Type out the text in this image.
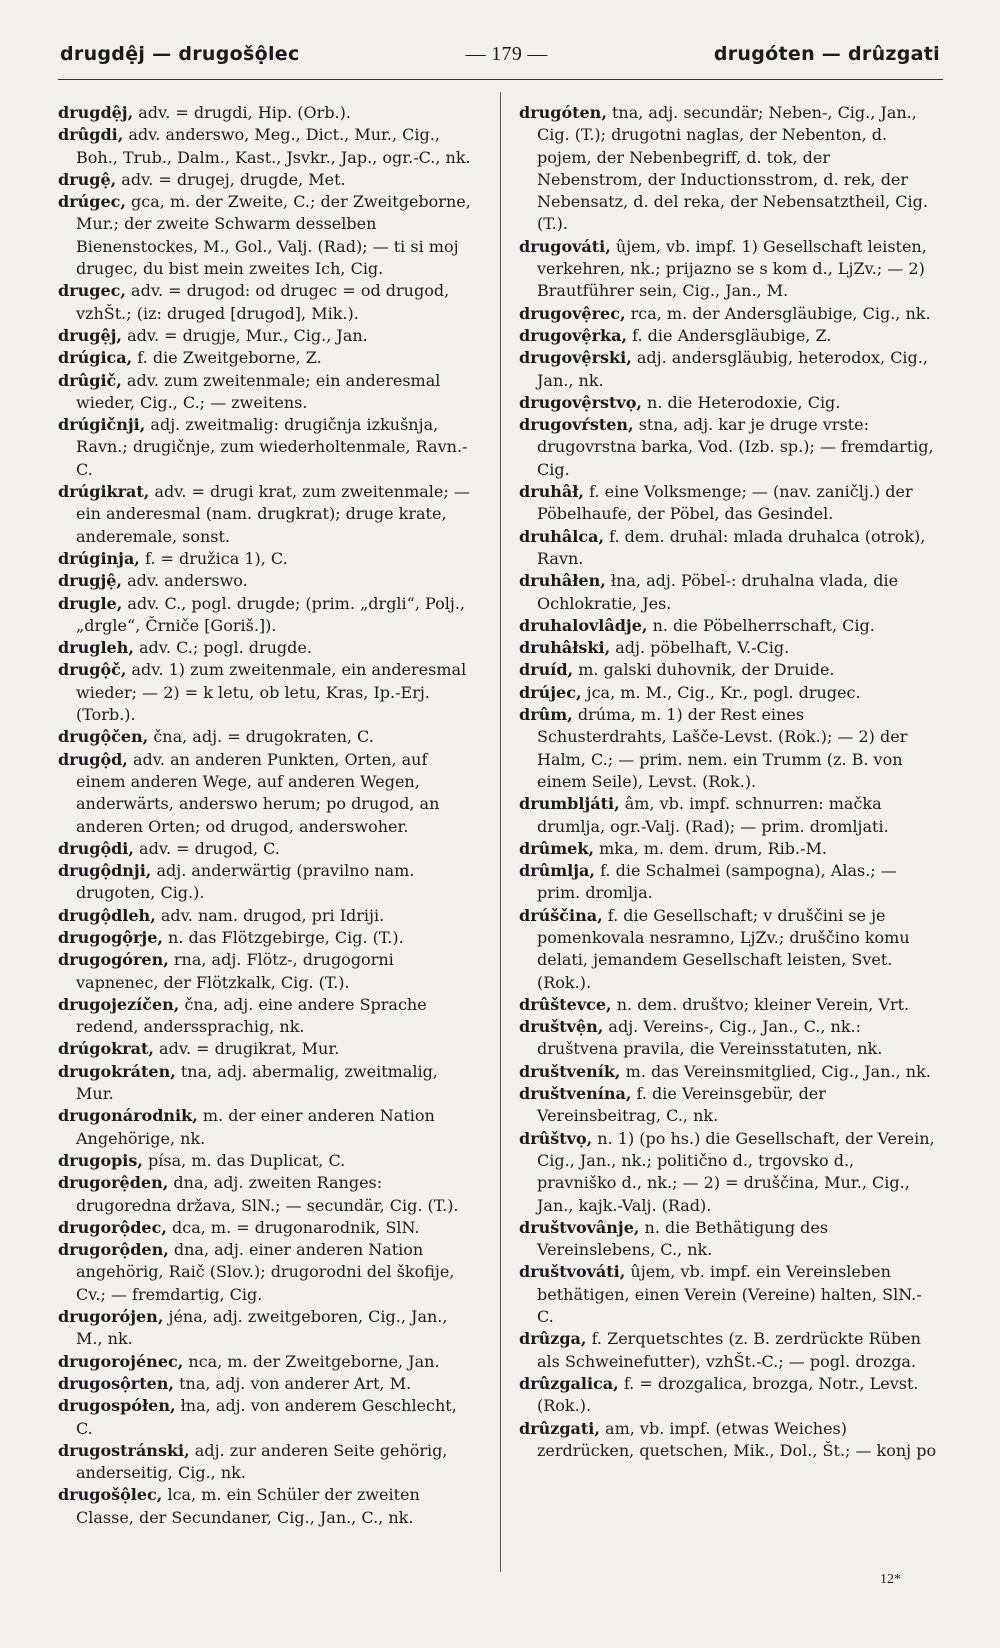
drugdệj — drugošộlec	— 179 —	drugóten — drûzgati

drugdệj, adv. = drugdi, Hip. (Orb.).

drûgdi, adv. anderswo, Meg., Dict., Mur., Cig., Boh., Trub., Dalm., Kast., Jsvkr., Jap., ogr.-C., nk.

drugệ, adv. = drugej, drugde, Met.

drúgec, gca, m. der Zweite, C.; der Zweitgeborne, Mur.; der zweite Schwarm desselben Bienenstockes, M., Gol., Valj. (Rad); — ti si moj drugec, du bist mein zweites Ich, Cig.

drugec, adv. = drugod: od drugec = od drugod, vzhŠt.; (iz: druged [drugod], Mik.).

drugệj, adv. = drugje, Mur., Cig., Jan.

drúgica, f. die Zweitgeborne, Z.

drûgič, adv. zum zweitenmale; ein anderesmal wieder, Cig., C.; — zweitens.

drúgičnji, adj. zweitmalig: drugičnja izkušnja, Ravn.; drugičnje, zum wiederholtenmale, Ravn.-C.

drúgikrat, adv. = drugi krat, zum zweitenmale; — ein anderesmal (nam. drugkrat); druge krate, anderemale, sonst.

drúginja, f. = družica 1), C.

drugjệ, adv. anderswo.

drugle, adv. C., pogl. drugde; (prim. „drgli“, Polj., „drgle“, Črniče [Goriš.]).

drugleh, adv. C.; pogl. drugde.

drugộč, adv. 1) zum zweitenmale, ein anderesmal wieder; — 2) = k letu, ob letu, Kras, Ip.-Erj. (Torb.).

drugộčen, čna, adj. = drugokraten, C.

drugộd, adv. an anderen Punkten, Orten, auf einem anderen Wege, auf anderen Wegen, anderwärts, anderswo herum; po drugod, an anderen Orten; od drugod, anderswoher.

drugộdi, adv. = drugod, C.

drugộdnji, adj. anderwärtig (pravilno nam. drugoten, Cig.).

drugộdleh, adv. nam. drugod, pri Idriji.

drugogộrje, n. das Flötzgebirge, Cig. (T.).

drugogóren, rna, adj. Flötz-, drugogorni vapnenec, der Flötzkalk, Cig. (T.).

drugojezíčen, čna, adj. eine andere Sprache redend, anderssprachig, nk.

drúgokrat, adv. = drugikrat, Mur.

drugokráten, tna, adj. abermalig, zweitmalig, Mur.

drugonárodnik, m. der einer anderen Nation Angehörige, nk.

drugopis, písa, m. das Duplicat, C.

drugorệden, dna, adj. zweiten Ranges: drugoredna država, SlN.; — secundär, Cig. (T.).

drugorộdec, dca, m. = drugonarodnik, SlN.

drugorộden, dna, adj. einer anderen Nation angehörig, Raič (Slov.); drugorodni del škofije, Cv.; — fremdartig, Cig.

drugorójen, jéna, adj. zweitgeboren, Cig., Jan., M., nk.

drugorojénec, nca, m. der Zweitgeborne, Jan.

drugosộrten, tna, adj. von anderer Art, M.

drugospółen, łna, adj. von anderem Geschlecht, C.

drugostránski, adj. zur anderen Seite gehörig, anderseitig, Cig., nk.

drugošộlec, lca, m. ein Schüler der zweiten Classe, der Secundaner, Cig., Jan., C., nk.

drugóten, tna, adj. secundär; Neben-, Cig., Jan., Cig. (T.); drugotni naglas, der Nebenton, d. pojem, der Nebenbegriff, d. tok, der Nebenstrom, der Inductionsstrom, d. rek, der Nebensatz, d. del reka, der Nebensatztheil, Cig. (T.).

drugováti, ûjem, vb. impf. 1) Gesellschaft leisten, verkehren, nk.; prijazno se s kom d., LjZv.; — 2) Brautführer sein, Cig., Jan., M.

drugovệrec, rca, m. der Andersgläubige, Cig., nk.

drugovệrka, f. die Andersgläubige, Z.

drugovệrski, adj. andersgläubig, heterodox, Cig., Jan., nk.

drugovệrstvọ, n. die Heterodoxie, Cig.

drugovŕsten, stna, adj. kar je druge vrste: drugovrstna barka, Vod. (Izb. sp.); — fremdartig, Cig.

druhâł, f. eine Volksmenge; — (nav. zaničlj.) der Pöbelhaufe, der Pöbel, das Gesindel.

druhâlca, f. dem. druhal: mlada druhalca (otrok), Ravn.

druhâłen, łna, adj. Pöbel-: druhalna vlada, die Ochlokratie, Jes.

druhalovlâdje, n. die Pöbelherrschaft, Cig.

druhâłski, adj. pöbelhaft, V.-Cig.

druíd, m. galski duhovnik, der Druide.

drújec, jca, m. M., Cig., Kr., pogl. drugec.

drûm, drúma, m. 1) der Rest eines Schusterdrahts, Lašče-Levst. (Rok.); — 2) der Halm, C.; — prim. nem. ein Trumm (z. B. von einem Seile), Levst. (Rok.).

drumbljáti, âm, vb. impf. schnurren: mačka drumlja, ogr.-Valj. (Rad); — prim. dromljati.

drûmek, mka, m. dem. drum, Rib.-M.

drûmlja, f. die Schalmei (sampogna), Alas.; — prim. dromlja.

drúščina, f. die Gesellschaft; v druščini se je pomenkovala nesramno, LjZv.; druščino komu delati, jemandem Gesellschaft leisten, Svet. (Rok.).

drûštevce, n. dem. društvo; kleiner Verein, Vrt.

društvện, adj. Vereins-, Cig., Jan., C., nk.: društvena pravila, die Vereinsstatuten, nk.

društveník, m. das Vereinsmitglied, Cig., Jan., nk.

društvenína, f. die Vereinsgebür, der Vereinsbeitrag, C., nk.

drûštvọ, n. 1) (po hs.) die Gesellschaft, der Verein, Cig., Jan., nk.; politično d., trgovsko d., pravniško d., nk.; — 2) = druščina, Mur., Cig., Jan., kajk.-Valj. (Rad).

društvovânje, n. die Bethätigung des Vereinslebens, C., nk.

društvováti, ûjem, vb. impf. ein Vereinsleben bethätigen, einen Verein (Vereine) halten, SlN.-C.

drûzga, f. Zerquetschtes (z. B. zerdrückte Rüben als Schweinefutter), vzhŠt.-C.; — pogl. drozga.

drûzgalica, f. = drozgalica, brozga, Notr., Levst. (Rok.).

drûzgati, am, vb. impf. (etwas Weiches) zerdrücken, quetschen, Mik., Dol., Št.; — konj po

12*
